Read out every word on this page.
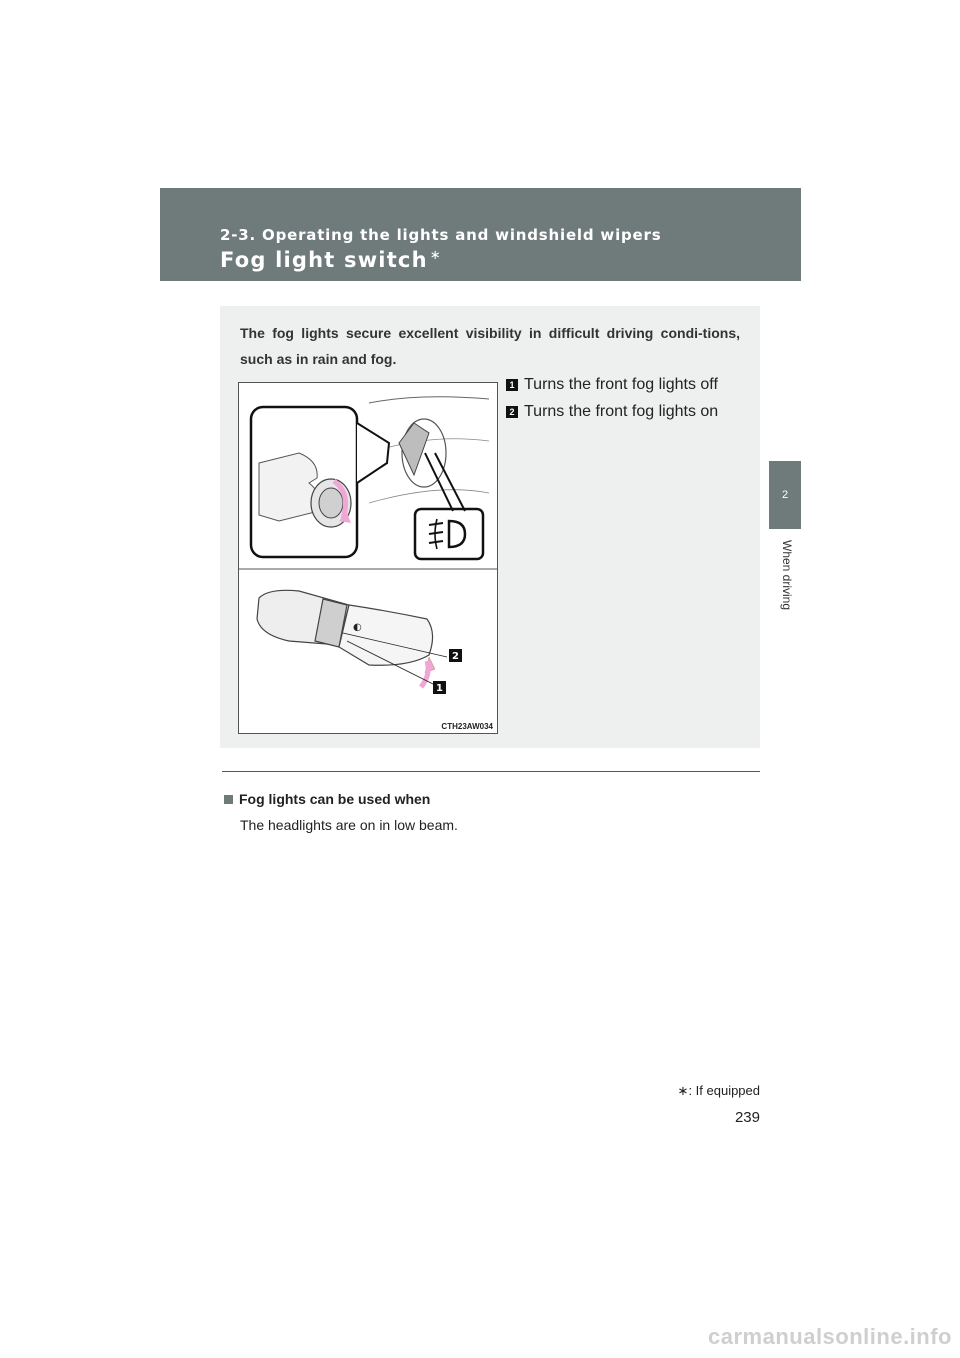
2-3. Operating the lights and windshield wipers
Fog light switch ∗
2
When driving
The fog lights secure excellent visibility in difficult driving condi-tions, such as in rain and fog.
◐
2
1
CTH23AW034
1 Turns the front fog lights off
2 Turns the front fog lights on
Fog lights can be used when
The headlights are on in low beam.
∗: If equipped
239
carmanualsonline.info
